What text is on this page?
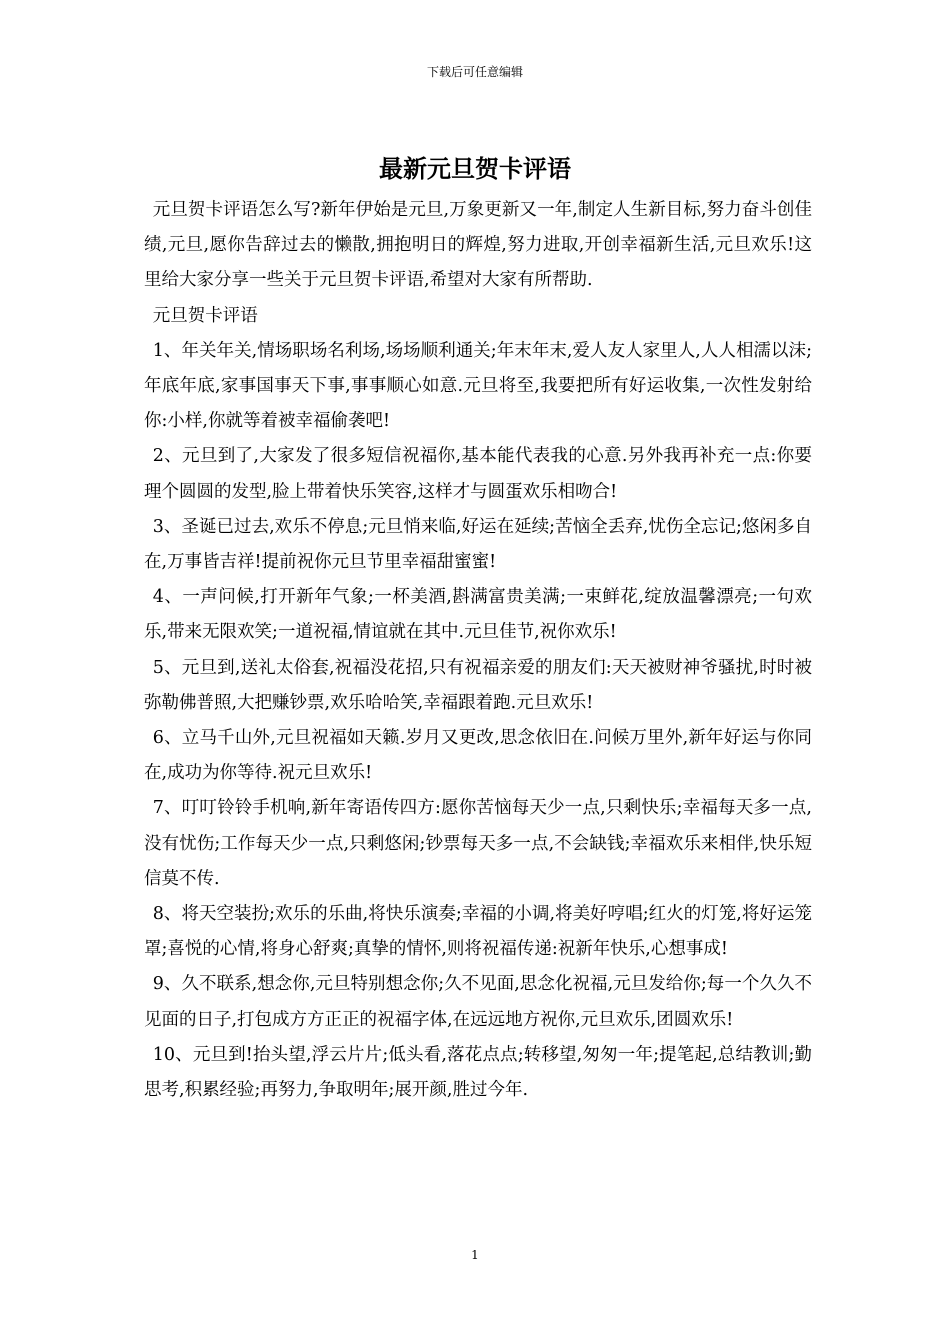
下载后可任意编辑
最新元旦贺卡评语

元旦贺卡评语怎么写?新年伊始是元旦,万象更新又一年,制定人生新目标,努力奋斗创佳绩,元旦,愿你告辞过去的懒散,拥抱明日的辉煌,努力进取,开创幸福新生活,元旦欢乐!这里给大家分享一些关于元旦贺卡评语,希望对大家有所帮助.

元旦贺卡评语

1、年关年关,情场职场名利场,场场顺利通关;年末年末,爱人友人家里人,人人相濡以沫;年底年底,家事国事天下事,事事顺心如意.元旦将至,我要把所有好运收集,一次性发射给你:小样,你就等着被幸福偷袭吧!

2、元旦到了,大家发了很多短信祝福你,基本能代表我的心意.另外我再补充一点:你要理个圆圆的发型,脸上带着快乐笑容,这样才与圆蛋欢乐相吻合!

3、圣诞已过去,欢乐不停息;元旦悄来临,好运在延续;苦恼全丢弃,忧伤全忘记;悠闲多自在,万事皆吉祥!提前祝你元旦节里幸福甜蜜蜜!

4、一声问候,打开新年气象;一杯美酒,斟满富贵美满;一束鲜花,绽放温馨漂亮;一句欢乐,带来无限欢笑;一道祝福,情谊就在其中.元旦佳节,祝你欢乐!

5、元旦到,送礼太俗套,祝福没花招,只有祝福亲爱的朋友们:天天被财神爷骚扰,时时被弥勒佛普照,大把赚钞票,欢乐哈哈笑,幸福跟着跑.元旦欢乐!

6、立马千山外,元旦祝福如天籁.岁月又更改,思念依旧在.问候万里外,新年好运与你同在,成功为你等待.祝元旦欢乐!

7、叮叮铃铃手机响,新年寄语传四方:愿你苦恼每天少一点,只剩快乐;幸福每天多一点,没有忧伤;工作每天少一点,只剩悠闲;钞票每天多一点,不会缺钱;幸福欢乐来相伴,快乐短信莫不传.

8、将天空装扮;欢乐的乐曲,将快乐演奏;幸福的小调,将美好哼唱;红火的灯笼,将好运笼罩;喜悦的心情,将身心舒爽;真挚的情怀,则将祝福传递:祝新年快乐,心想事成!

9、久不联系,想念你,元旦特别想念你;久不见面,思念化祝福,元旦发给你;每一个久久不见面的日子,打包成方方正正的祝福字体,在远远地方祝你,元旦欢乐,团圆欢乐!

10、元旦到!抬头望,浮云片片;低头看,落花点点;转移望,匆匆一年;提笔起,总结教训;勤思考,积累经验;再努力,争取明年;展开颜,胜过今年.

1
